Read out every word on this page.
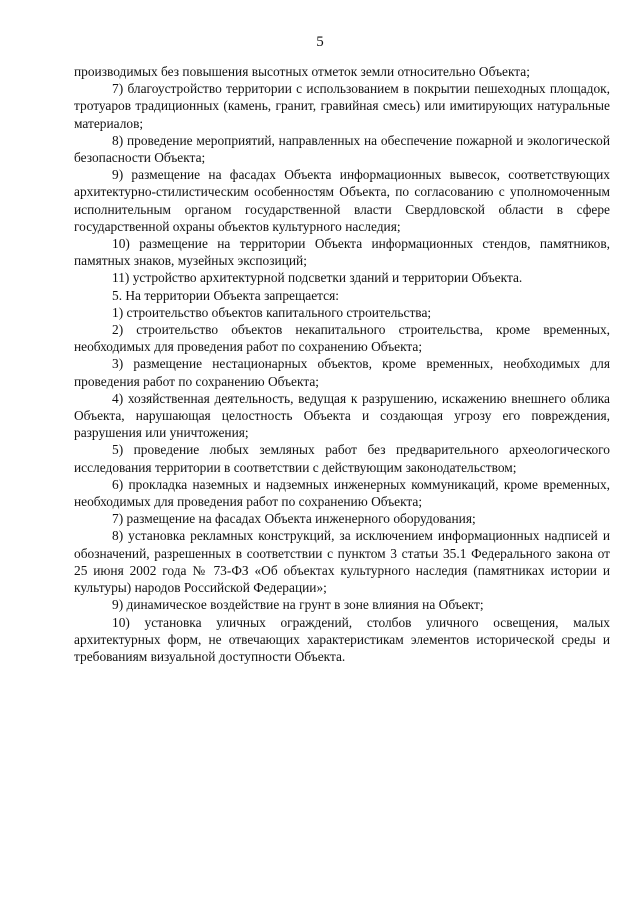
5

производимых без повышения высотных отметок земли относительно Объекта;

7) благоустройство территории с использованием в покрытии пешеходных площадок, тротуаров традиционных (камень, гранит, гравийная смесь) или имитирующих натуральные материалов;

8) проведение мероприятий, направленных на обеспечение пожарной и экологической безопасности Объекта;

9) размещение на фасадах Объекта информационных вывесок, соответствующих архитектурно-стилистическим особенностям Объекта, по согласованию с уполномоченным исполнительным органом государственной власти Свердловской области в сфере государственной охраны объектов культурного наследия;

10) размещение на территории Объекта информационных стендов, памятников, памятных знаков, музейных экспозиций;

11) устройство архитектурной подсветки зданий и территории Объекта.

5. На территории Объекта запрещается:

1) строительство объектов капитального строительства;

2) строительство объектов некапитального строительства, кроме временных, необходимых для проведения работ по сохранению Объекта;

3) размещение нестационарных объектов, кроме временных, необходимых для проведения работ по сохранению Объекта;

4) хозяйственная деятельность, ведущая к разрушению, искажению внешнего облика Объекта, нарушающая целостность Объекта и создающая угрозу его повреждения, разрушения или уничтожения;

5) проведение любых земляных работ без предварительного археологического исследования территории в соответствии с действующим законодательством;

6) прокладка наземных и надземных инженерных коммуникаций, кроме временных, необходимых для проведения работ по сохранению Объекта;

7) размещение на фасадах Объекта инженерного оборудования;

8) установка рекламных конструкций, за исключением информационных надписей и обозначений, разрешенных в соответствии с пунктом 3 статьи 35.1 Федерального закона от 25 июня 2002 года № 73-ФЗ «Об объектах культурного наследия (памятниках истории и культуры) народов Российской Федерации»;

9) динамическое воздействие на грунт в зоне влияния на Объект;

10) установка уличных ограждений, столбов уличного освещения, малых архитектурных форм, не отвечающих характеристикам элементов исторической среды и требованиям визуальной доступности Объекта.
